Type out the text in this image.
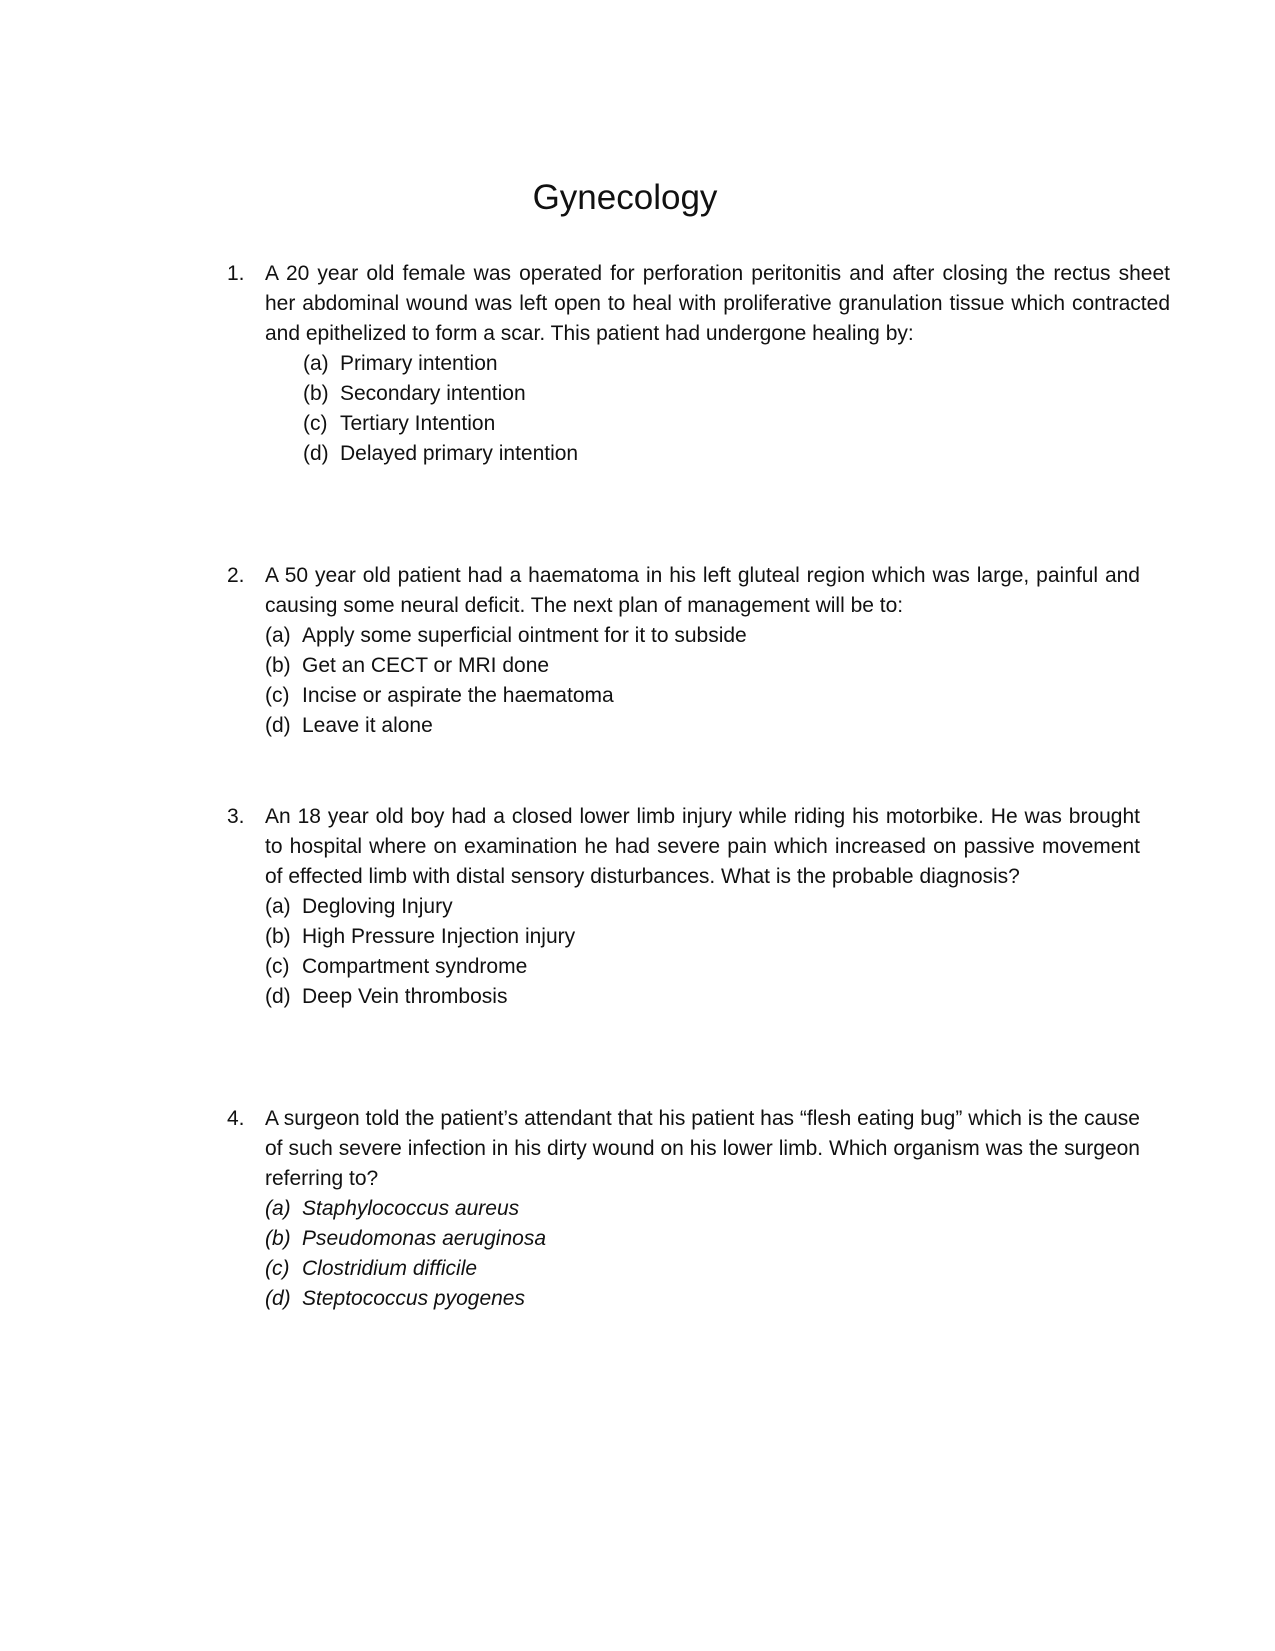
Gynecology
1. A 20 year old female was operated for perforation peritonitis and after closing the rectus sheet her abdominal wound was left open to heal with proliferative granulation tissue which contracted and epithelized to form a scar. This patient had undergone healing by:
(a) Primary intention
(b) Secondary intention
(c) Tertiary Intention
(d) Delayed primary intention
2. A 50 year old patient had a haematoma in his left gluteal region which was large, painful and causing some neural deficit. The next plan of management will be to:
(a) Apply some superficial ointment for it to subside
(b) Get an CECT or MRI done
(c) Incise or aspirate the haematoma
(d) Leave it alone
3. An 18 year old boy had a closed lower limb injury while riding his motorbike. He was brought to hospital where on examination he had severe pain which increased on passive movement of effected limb with distal sensory disturbances. What is the probable diagnosis?
(a) Degloving Injury
(b) High Pressure Injection injury
(c) Compartment syndrome
(d) Deep Vein thrombosis
4. A surgeon told the patient’s attendant that his patient has “flesh eating bug” which is the cause of such severe infection in his dirty wound on his lower limb. Which organism was the surgeon referring to?
(a) Staphylococcus aureus
(b) Pseudomonas aeruginosa
(c) Clostridium difficile
(d) Steptococcus pyogenes
